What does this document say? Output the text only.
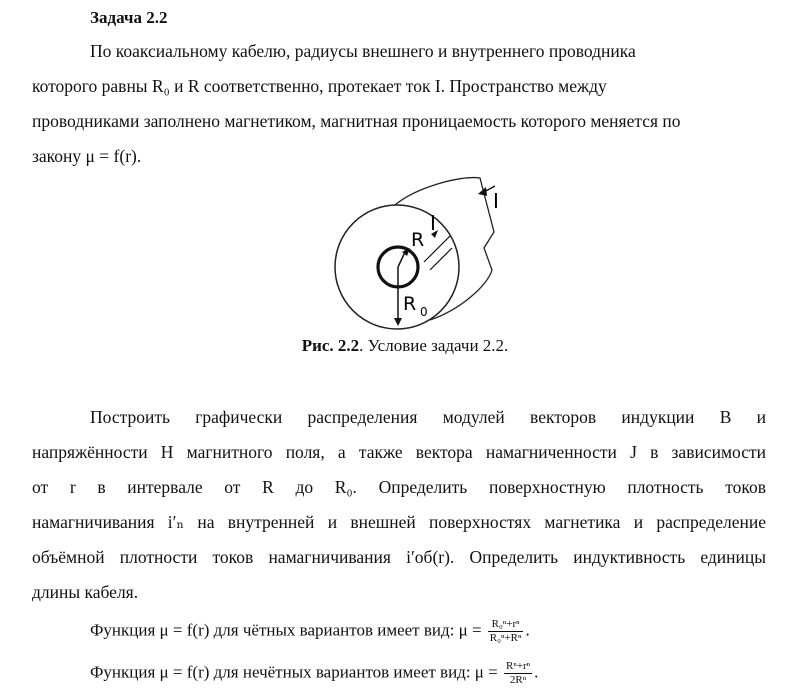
Задача 2.2
По коаксиальному кабелю, радиусы внешнего и внутреннего проводника
которого равны R₀ и R соответственно, протекает ток I. Пространство между
проводниками заполнено магнетиком, магнитная проницаемость которого меняется по
закону μ = f(r).
I
I
R
R 0
Рис. 2.2. Условие задачи 2.2.
Построить графически распределения модулей векторов индукции B и
напряжённости H магнитного поля, а также вектора намагниченности J в зависимости
от r в интервале от R до R₀. Определить поверхностную плотность токов
намагничивания i′ₙ на внутренней и внешней поверхностях магнетика и распределение
объёмной плотности токов намагничивания i′об(r). Определить индуктивность единицы
длины кабеля.
Функция μ = f(r) для чётных вариантов имеет вид: $\mu = \frac{\text{R₀ⁿ+rⁿ}}{\text{R₀ⁿ+Rⁿ}}$ .
Функция μ = f(r) для нечётных вариантов имеет вид: $\mu = \frac{\text{Rⁿ+rⁿ}}{\text{2Rⁿ}}$ .
